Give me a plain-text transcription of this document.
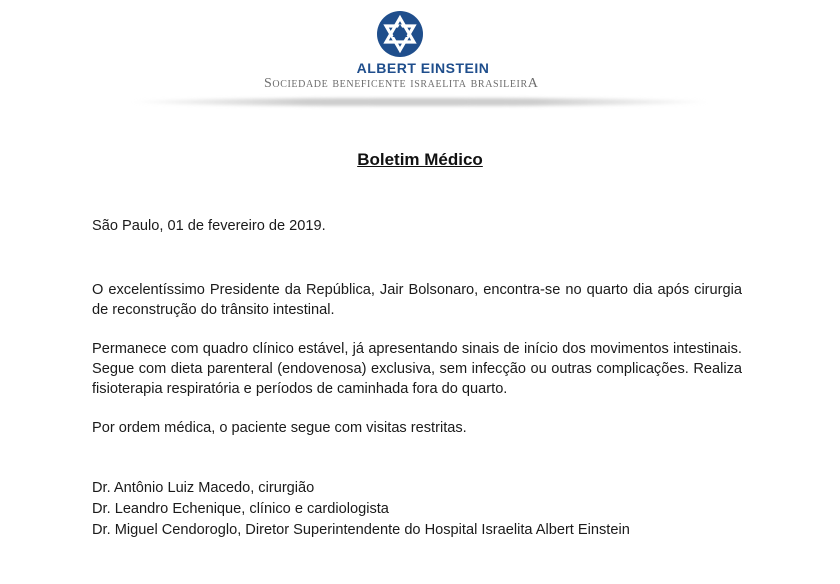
ALBERT EINSTEIN
Sociedade beneficente israelita brasileirA
Boletim Médico

São Paulo, 01 de fevereiro de 2019.

O excelentíssimo Presidente da República, Jair Bolsonaro, encontra-se no quarto dia após cirurgia de reconstrução do trânsito intestinal.

Permanece com quadro clínico estável, já apresentando sinais de início dos movimentos intestinais. Segue com dieta parenteral (endovenosa) exclusiva, sem infecção ou outras complicações. Realiza fisioterapia respiratória e períodos de caminhada fora do quarto.

Por ordem médica, o paciente segue com visitas restritas.

Dr. Antônio Luiz Macedo, cirurgião
Dr. Leandro Echenique, clínico e cardiologista
Dr. Miguel Cendoroglo, Diretor Superintendente do Hospital Israelita Albert Einstein
